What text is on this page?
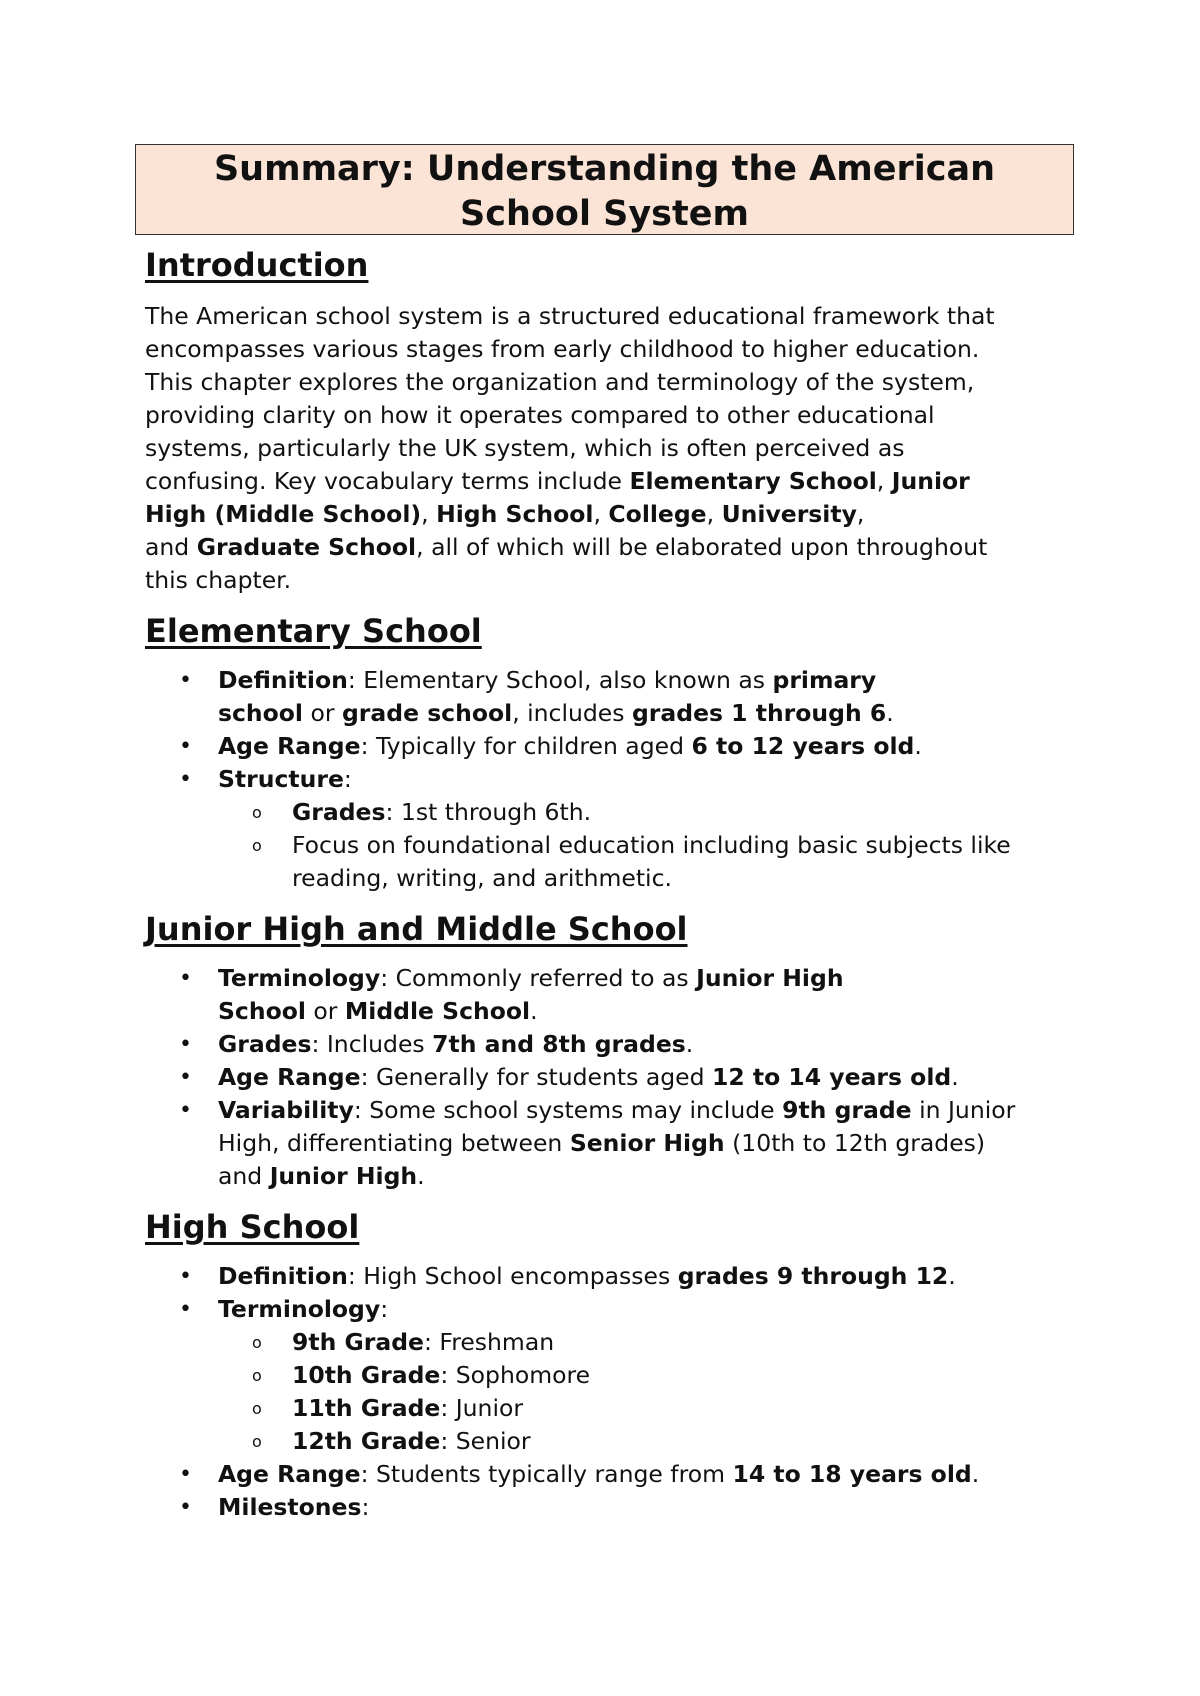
Summary: Understanding the American
School System
Introduction
The American school system is a structured educational framework that
encompasses various stages from early childhood to higher education.
This chapter explores the organization and terminology of the system,
providing clarity on how it operates compared to other educational
systems, particularly the UK system, which is often perceived as
confusing. Key vocabulary terms include Elementary School, Junior
High (Middle School), High School, College, University,
and Graduate School, all of which will be elaborated upon throughout
this chapter.
Elementary School
• Definition: Elementary School, also known as primary
school or grade school, includes grades 1 through 6.
• Age Range: Typically for children aged 6 to 12 years old.
• Structure:
o Grades: 1st through 6th.
o Focus on foundational education including basic subjects like
reading, writing, and arithmetic.
Junior High and Middle School
• Terminology: Commonly referred to as Junior High
School or Middle School.
• Grades: Includes 7th and 8th grades.
• Age Range: Generally for students aged 12 to 14 years old.
• Variability: Some school systems may include 9th grade in Junior
High, differentiating between Senior High (10th to 12th grades)
and Junior High.
High School
• Definition: High School encompasses grades 9 through 12.
• Terminology:
o 9th Grade: Freshman
o 10th Grade: Sophomore
o 11th Grade: Junior
o 12th Grade: Senior
• Age Range: Students typically range from 14 to 18 years old.
• Milestones:
